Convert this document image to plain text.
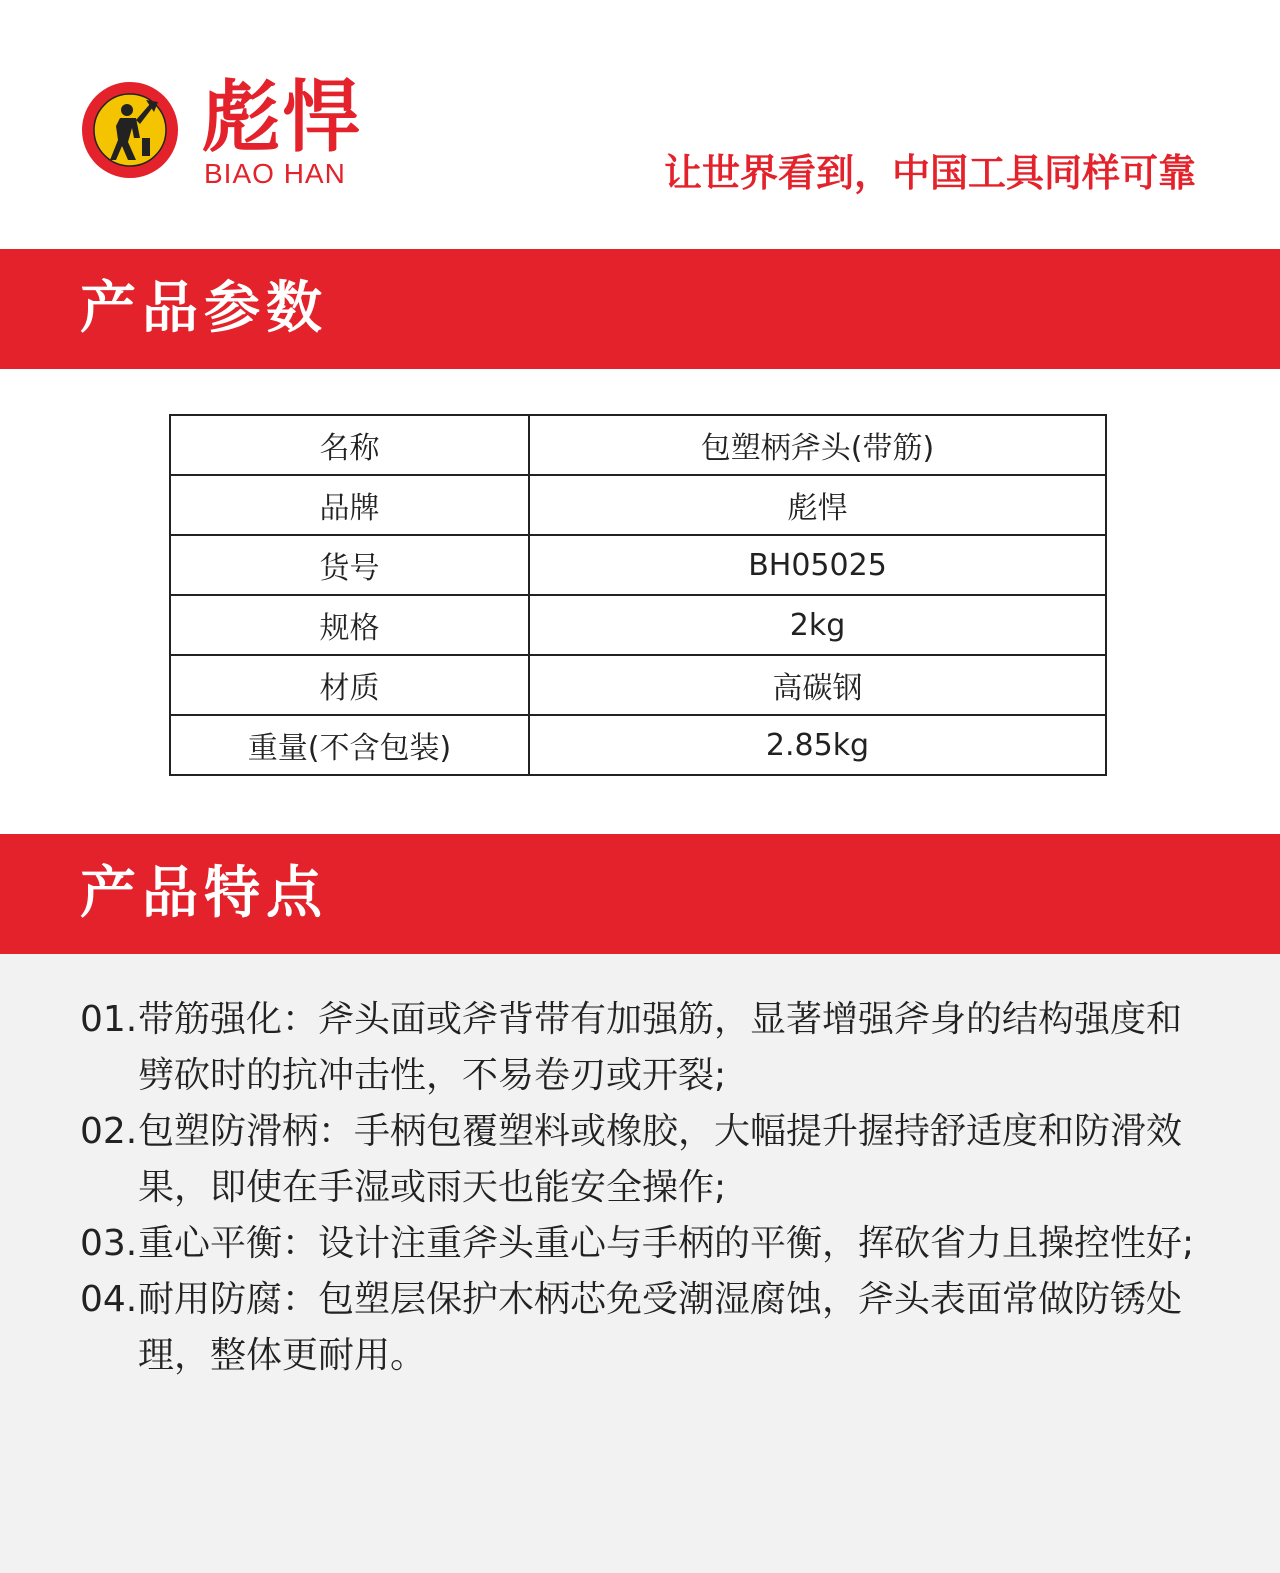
彪悍
BIAO HAN	让世界看到，中国工具同样可靠
产品参数
名称	包塑柄斧头(带筋)
品牌	彪悍
货号	BH05025
规格	2kg
材质	高碳钢
重量(不含包装)	2.85kg
产品特点
01. 带筋强化：斧头面或斧背带有加强筋，显著增强斧身的结构强度和劈砍时的抗冲击性，不易卷刃或开裂;
02. 包塑防滑柄：手柄包覆塑料或橡胶，大幅提升握持舒适度和防滑效果，即使在手湿或雨天也能安全操作;
03. 重心平衡：设计注重斧头重心与手柄的平衡，挥砍省力且操控性好;
04. 耐用防腐：包塑层保护木柄芯免受潮湿腐蚀，斧头表面常做防锈处理，整体更耐用。
